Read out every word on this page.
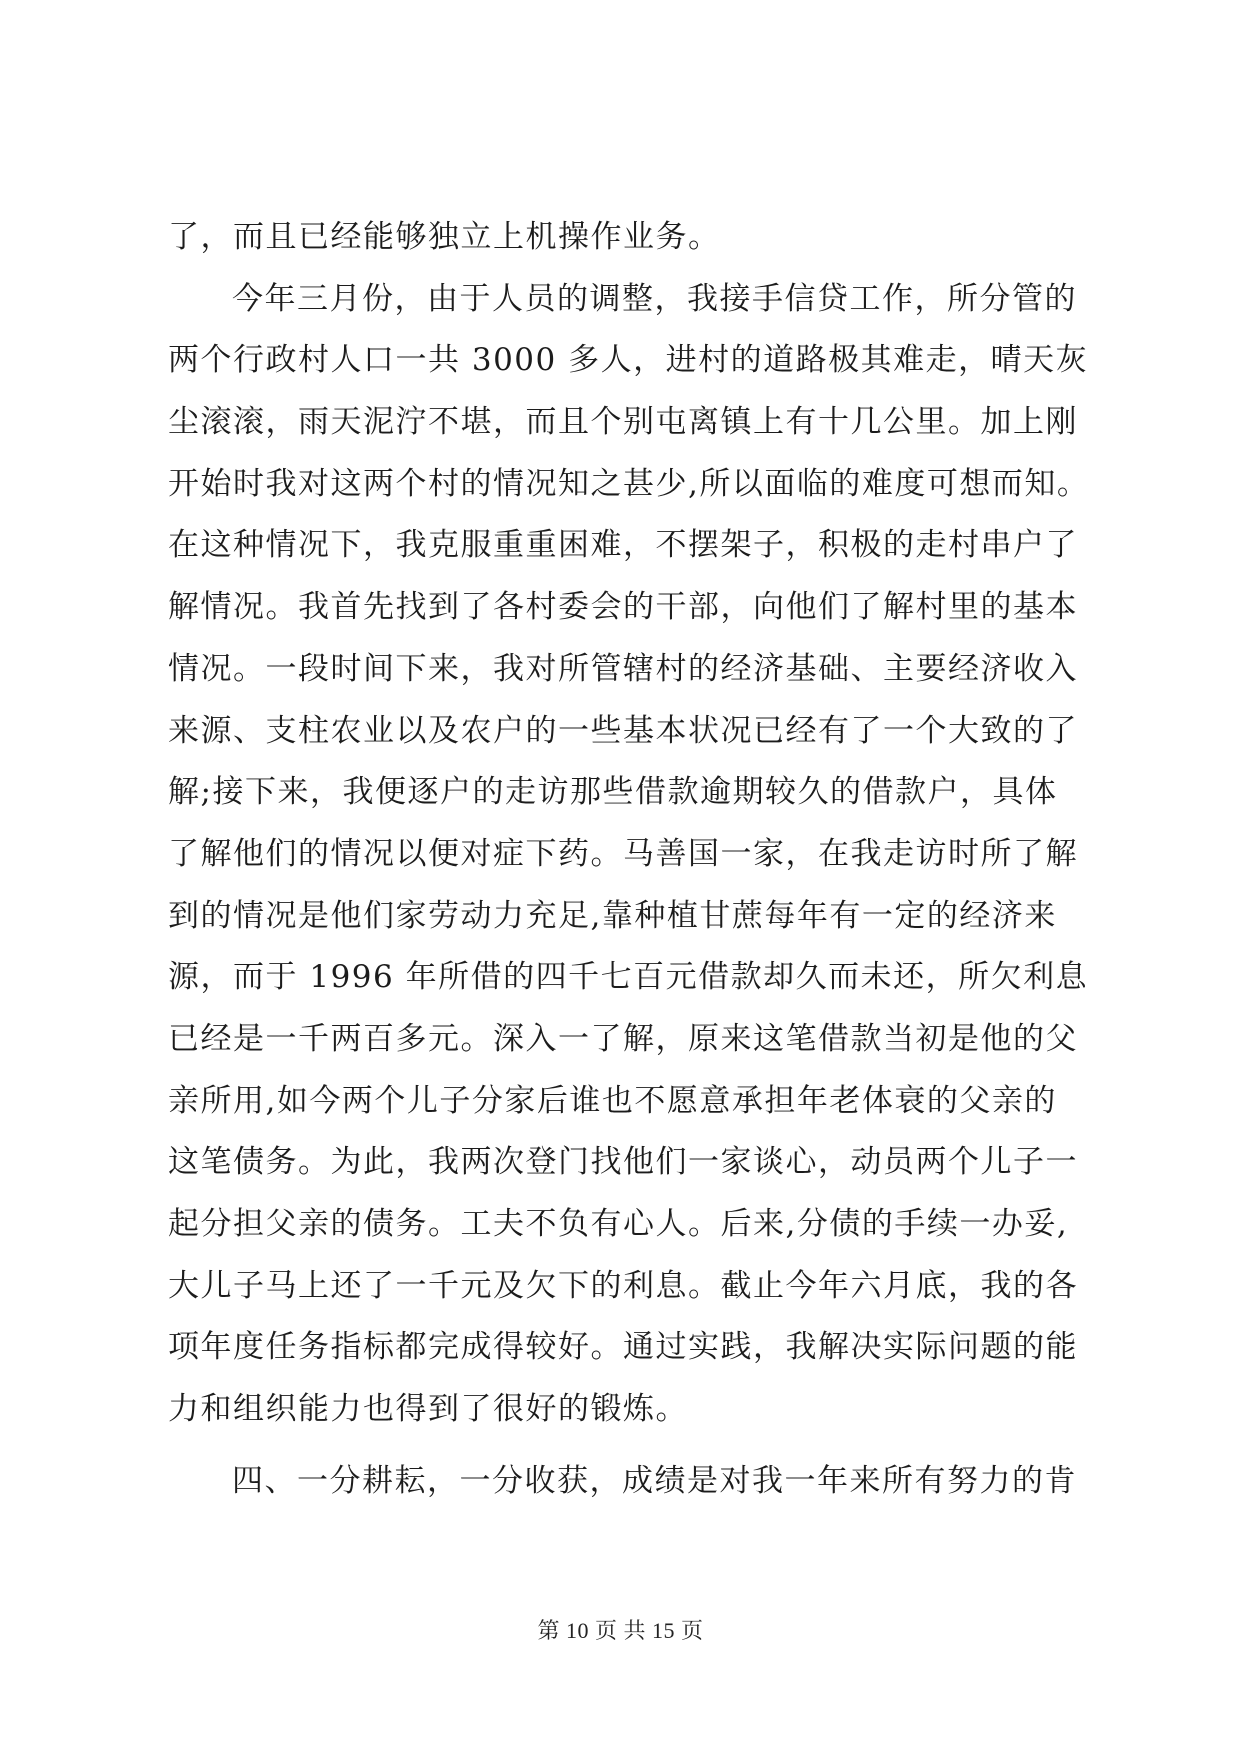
了，而且已经能够独立上机操作业务。
今年三月份，由于人员的调整，我接手信贷工作，所分管的
两个行政村人口一共 3000 多人，进村的道路极其难走，晴天灰
尘滚滚，雨天泥泞不堪，而且个别屯离镇上有十几公里。加上刚
开始时我对这两个村的情况知之甚少,所以面临的难度可想而知。
在这种情况下，我克服重重困难，不摆架子，积极的走村串户了
解情况。我首先找到了各村委会的干部，向他们了解村里的基本
情况。一段时间下来，我对所管辖村的经济基础、主要经济收入
来源、支柱农业以及农户的一些基本状况已经有了一个大致的了
解;接下来，我便逐户的走访那些借款逾期较久的借款户，具体
了解他们的情况以便对症下药。马善国一家，在我走访时所了解
到的情况是他们家劳动力充足,靠种植甘蔗每年有一定的经济来
源，而于 1996 年所借的四千七百元借款却久而未还，所欠利息
已经是一千两百多元。深入一了解，原来这笔借款当初是他的父
亲所用,如今两个儿子分家后谁也不愿意承担年老体衰的父亲的
这笔债务。为此，我两次登门找他们一家谈心，动员两个儿子一
起分担父亲的债务。工夫不负有心人。后来,分债的手续一办妥,
大儿子马上还了一千元及欠下的利息。截止今年六月底，我的各
项年度任务指标都完成得较好。通过实践，我解决实际问题的能
力和组织能力也得到了很好的锻炼。
四、一分耕耘，一分收获，成绩是对我一年来所有努力的肯
第 10 页 共 15 页
